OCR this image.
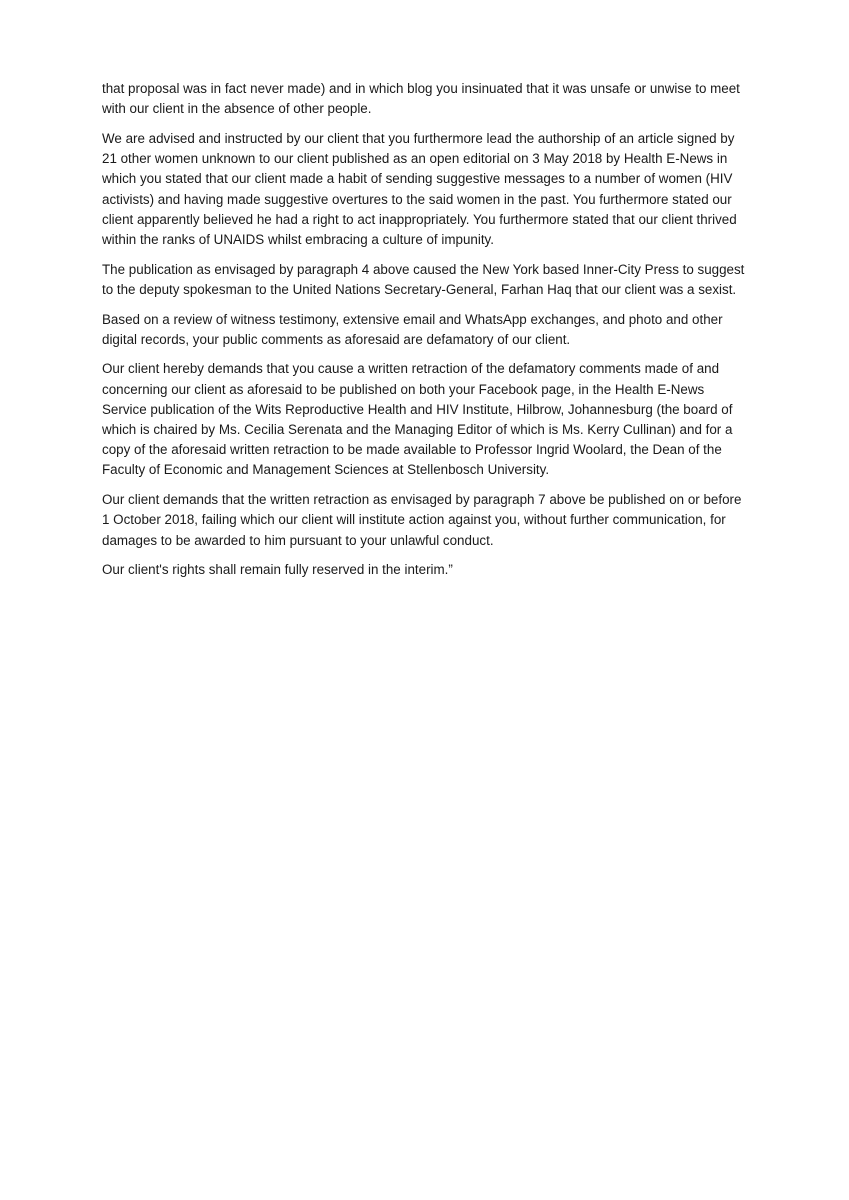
that proposal was in fact never made) and in which blog you insinuated that it was unsafe or unwise to meet with our client in the absence of other people.

We are advised and instructed by our client that you furthermore lead the authorship of an article signed by 21 other women unknown to our client published as an open editorial on 3 May 2018 by Health E-News in which you stated that our client made a habit of sending suggestive messages to a number of women (HIV activists) and having made suggestive overtures to the said women in the past. You furthermore stated our client apparently believed he had a right to act inappropriately. You furthermore stated that our client thrived within the ranks of UNAIDS whilst embracing a culture of impunity.

The publication as envisaged by paragraph 4 above caused the New York based Inner-City Press to suggest to the deputy spokesman to the United Nations Secretary-General, Farhan Haq that our client was a sexist.

Based on a review of witness testimony, extensive email and WhatsApp exchanges, and photo and other digital records, your public comments as aforesaid are defamatory of our client.

Our client hereby demands that you cause a written retraction of the defamatory comments made of and concerning our client as aforesaid to be published on both your Facebook page, in the Health E-News Service publication of the Wits Reproductive Health and HIV Institute, Hilbrow, Johannesburg (the board of which is chaired by Ms. Cecilia Serenata and the Managing Editor of which is Ms. Kerry Cullinan) and for a copy of the aforesaid written retraction to be made available to Professor Ingrid Woolard, the Dean of the Faculty of Economic and Management Sciences at Stellenbosch University.

Our client demands that the written retraction as envisaged by paragraph 7 above be published on or before 1 October 2018, failing which our client will institute action against you, without further communication, for damages to be awarded to him pursuant to your unlawful conduct.

Our client's rights shall remain fully reserved in the interim.”
